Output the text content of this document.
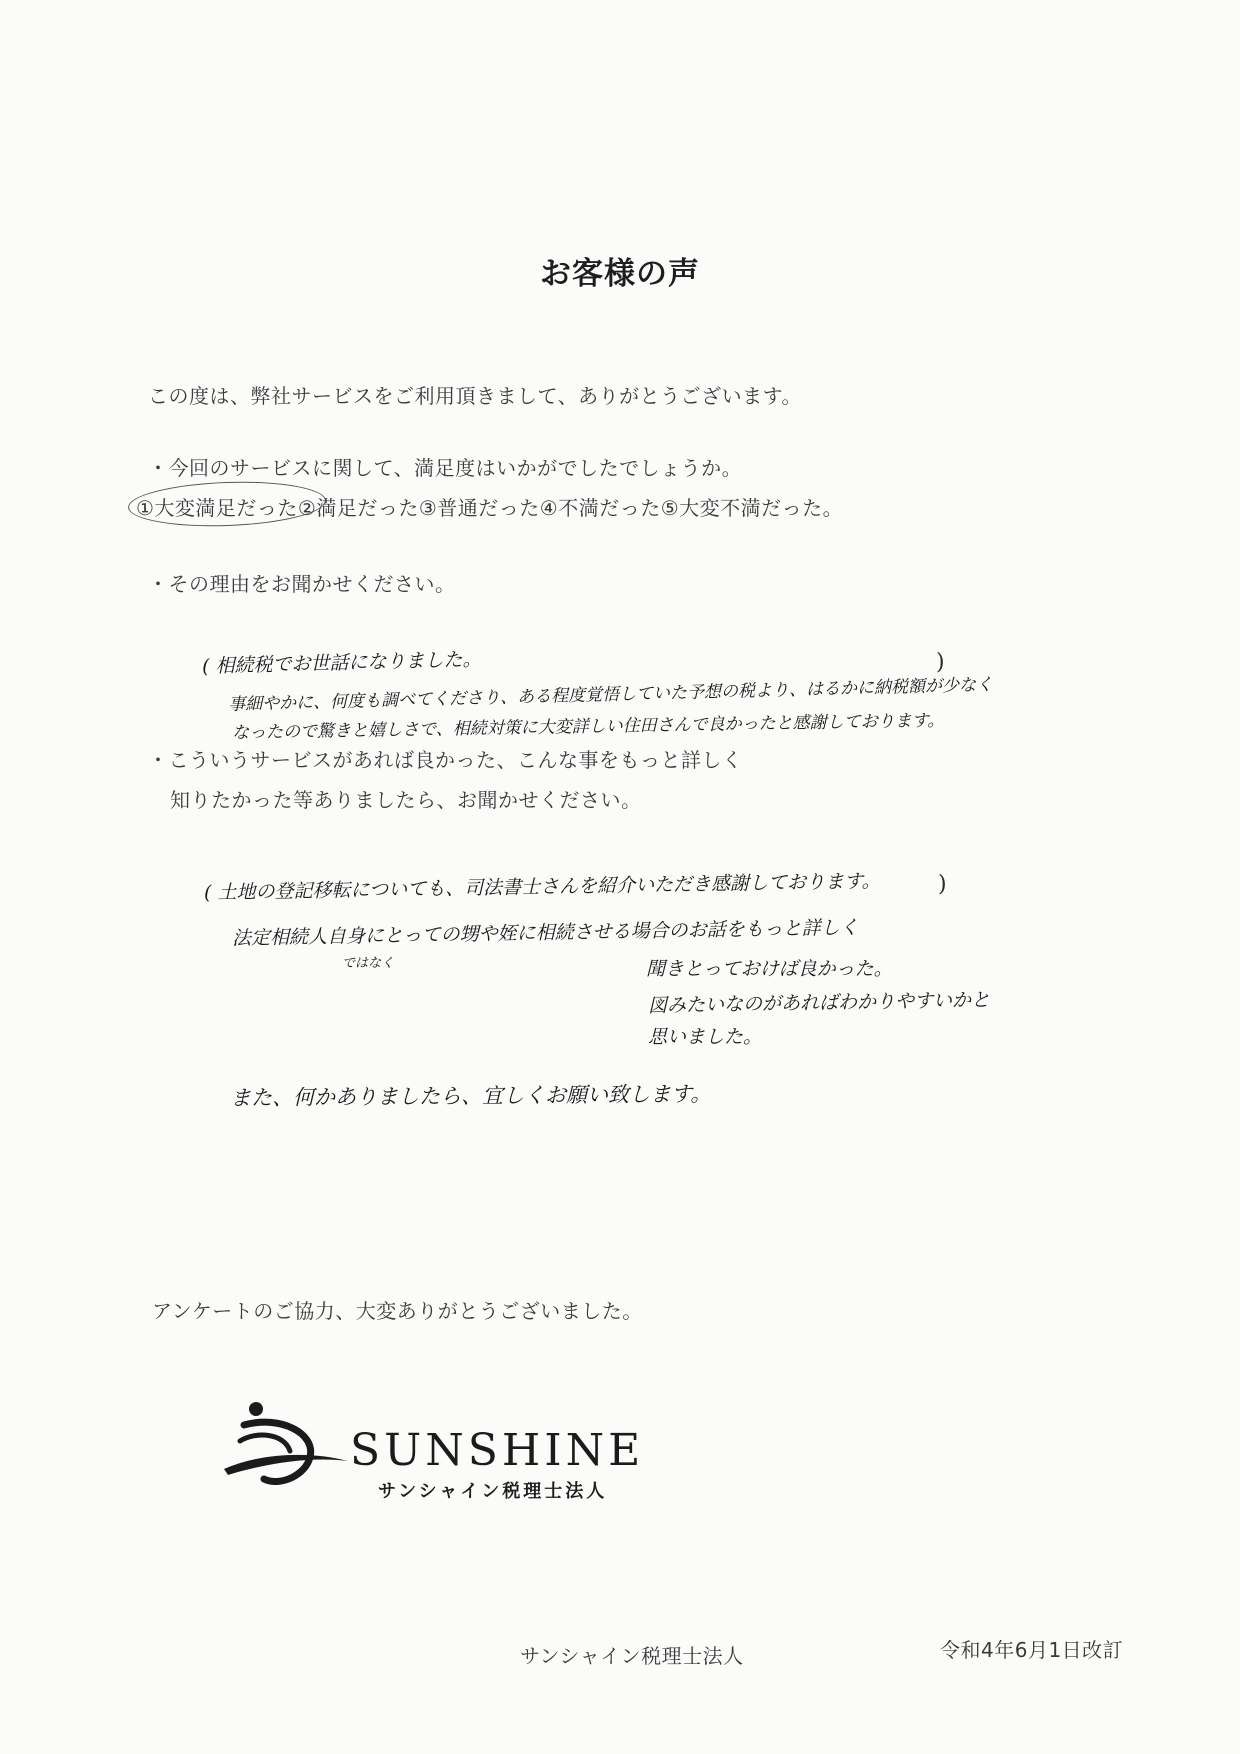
お客様の声
この度は、弊社サービスをご利用頂きまして、ありがとうございます。
・今回のサービスに関して、満足度はいかがでしたでしょうか。
①大変満足だった②満足だった③普通だった④不満だった⑤大変不満だった。
・その理由をお聞かせください。
( 相続税でお世話になりました。
事細やかに、何度も調べてくださり、ある程度覚悟していた予想の税より、はるかに納税額が少なく
なったので驚きと嬉しさで、相続対策に大変詳しい住田さんで良かったと感謝しております。
)
・こういうサービスがあれば良かった、こんな事をもっと詳しく
知りたかった等ありましたら、お聞かせください。
( 土地の登記移転についても、司法書士さんを紹介いただき感謝しております。	)
法定相続人自身にとっての甥や姪に相続させる場合のお話をもっと詳しく
ではなく	聞きとっておけば良かった。
図みたいなのがあればわかりやすいかと
思いました。
また、何かありましたら、宜しくお願い致します。
アンケートのご協力、大変ありがとうございました。
SUNSHINE
サンシャイン税理士法人
サンシャイン税理士法人	令和4年6月1日改訂
